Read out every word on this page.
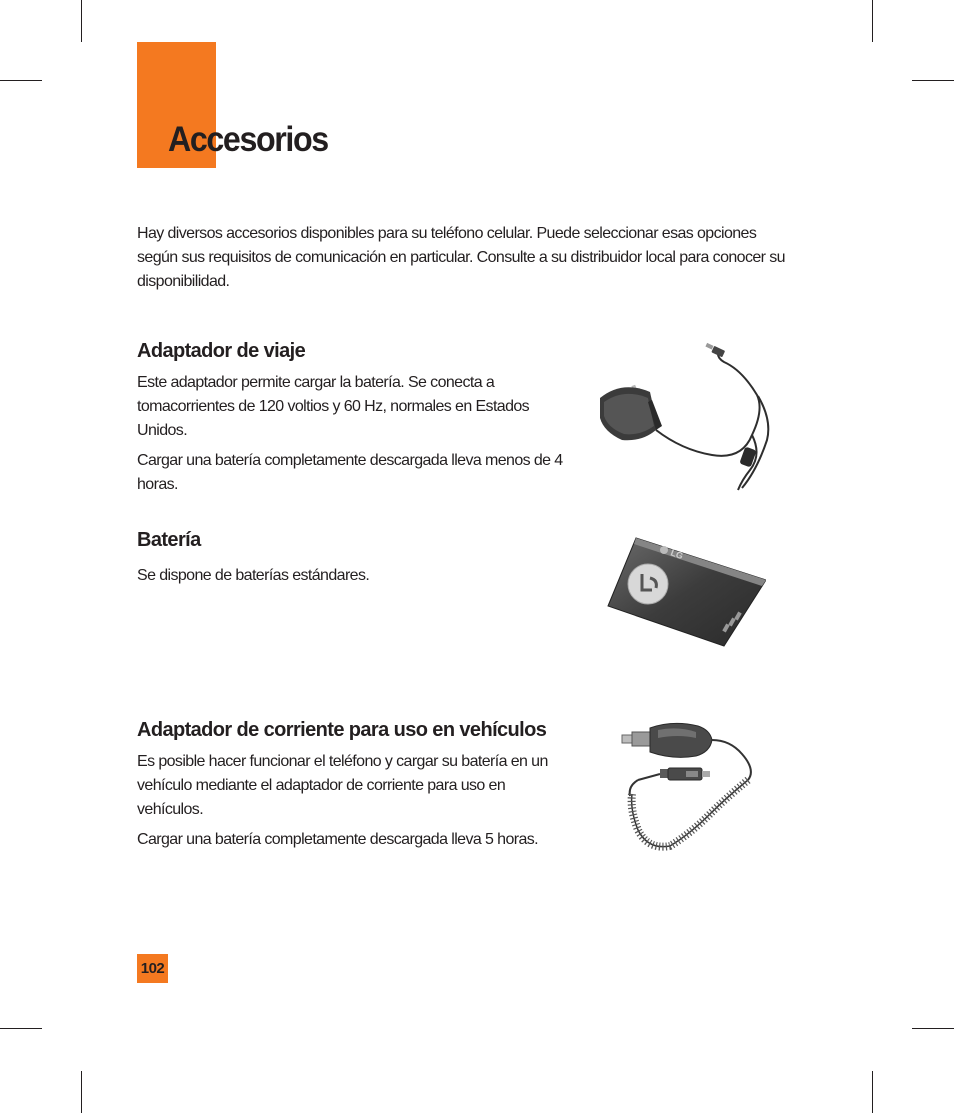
Accesorios

Hay diversos accesorios disponibles para su teléfono celular. Puede seleccionar esas opciones según sus requisitos de comunicación en particular. Consulte a su distribuidor local para conocer su disponibilidad.

Adaptador de viaje

Este adaptador permite cargar la batería. Se conecta a tomacorrientes de 120 voltios y 60 Hz, normales en Estados Unidos.

Cargar una batería completamente descargada lleva menos de 4 horas.

Batería

Se dispone de baterías estándares.

Adaptador de corriente para uso en vehículos

Es posible hacer funcionar el teléfono y cargar su batería en un vehículo mediante el adaptador de corriente para uso en vehículos.

Cargar una batería completamente descargada lleva 5 horas.

LG
102
